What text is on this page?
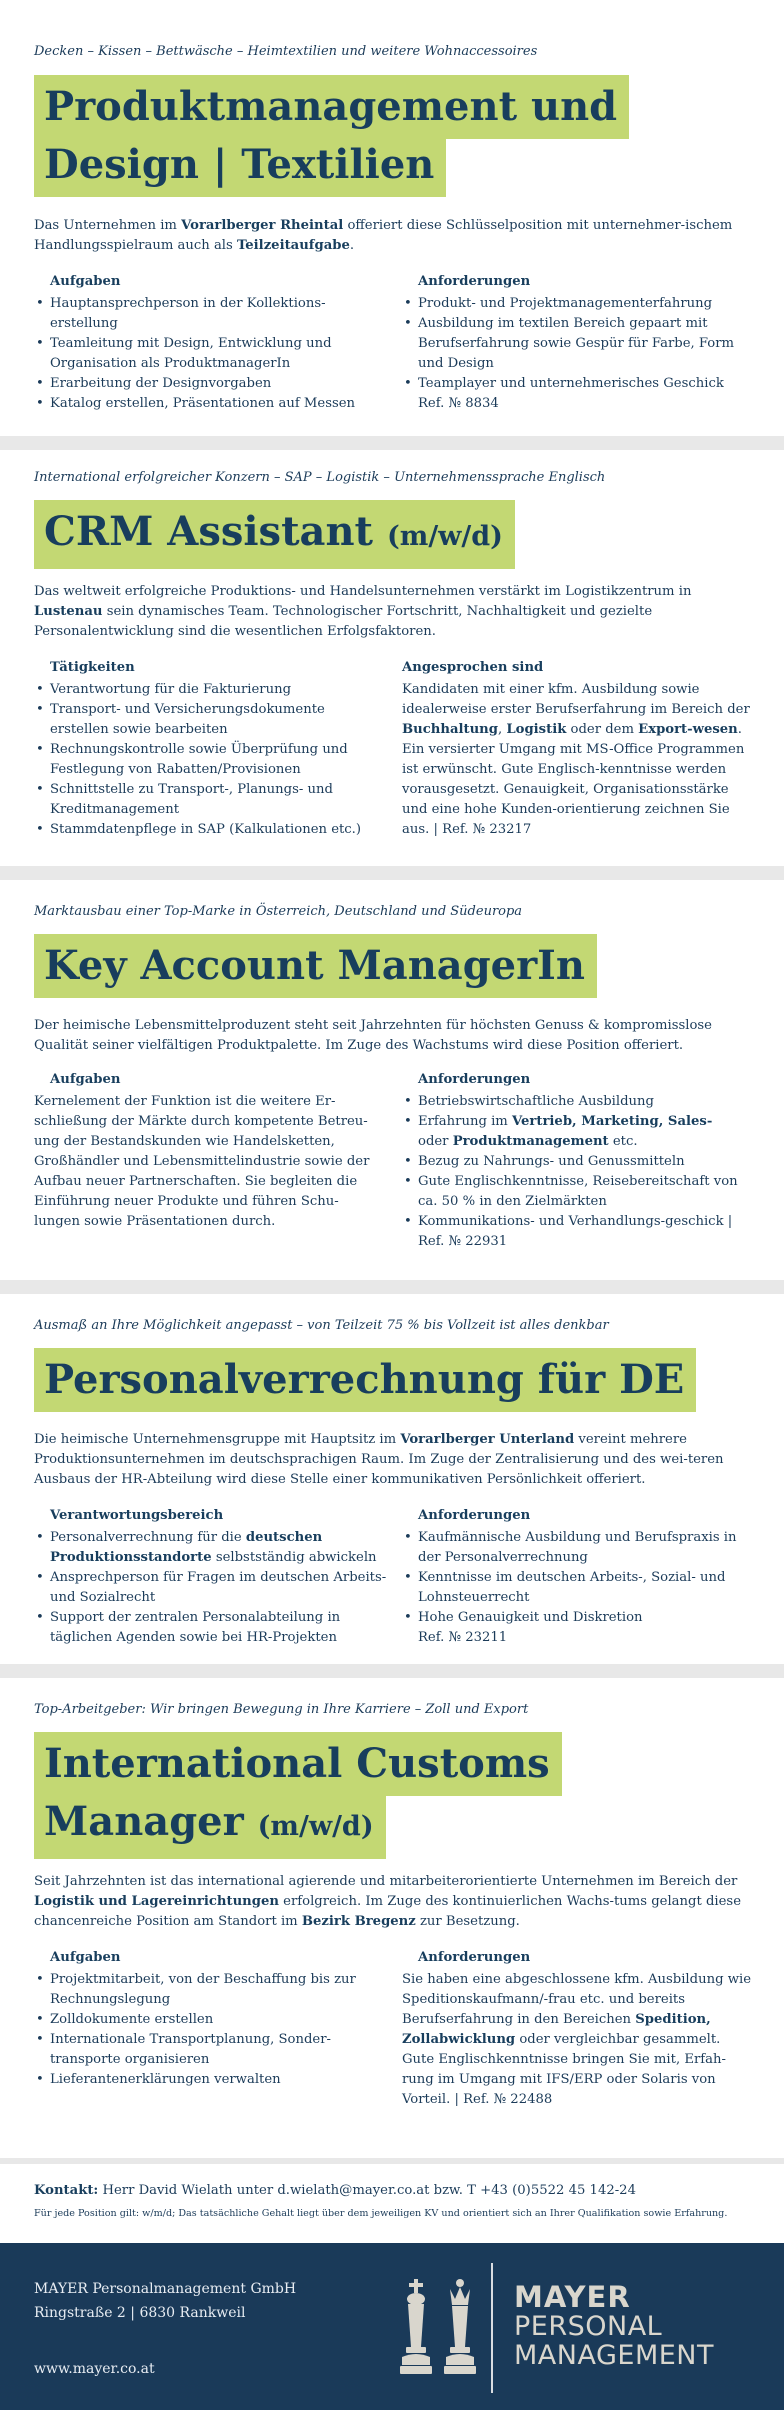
Decken – Kissen – Bettwäsche – Heimtextilien und weitere Wohnaccessoires
Produktmanagement und
Design | Textilien
Das Unternehmen im Vorarlberger Rheintal offeriert diese Schlüsselposition mit unternehmer-ischem Handlungsspielraum auch als Teilzeitaufgabe.
Aufgaben
• Hauptansprechperson in der Kollektions-erstellung
• Teamleitung mit Design, Entwicklung und Organisation als ProduktmanagerIn
• Erarbeitung der Designvorgaben
• Katalog erstellen, Präsentationen auf Messen
Anforderungen
• Produkt- und Projektmanagementerfahrung
• Ausbildung im textilen Bereich gepaart mit Berufserfahrung sowie Gespür für Farbe, Form und Design
• Teamplayer und unternehmerisches Geschick
Ref. № 8834
International erfolgreicher Konzern – SAP – Logistik – Unternehmenssprache Englisch
CRM Assistant (m/w/d)
Das weltweit erfolgreiche Produktions- und Handelsunternehmen verstärkt im Logistikzentrum in Lustenau sein dynamisches Team. Technologischer Fortschritt, Nachhaltigkeit und gezielte Personalentwicklung sind die wesentlichen Erfolgsfaktoren.
Tätigkeiten
• Verantwortung für die Fakturierung
• Transport- und Versicherungsdokumente erstellen sowie bearbeiten
• Rechnungskontrolle sowie Überprüfung und Festlegung von Rabatten/Provisionen
• Schnittstelle zu Transport-, Planungs- und Kreditmanagement
• Stammdatenpflege in SAP (Kalkulationen etc.)
Angesprochen sind
Kandidaten mit einer kfm. Ausbildung sowie idealerweise erster Berufserfahrung im Bereich der Buchhaltung, Logistik oder dem Export-wesen. Ein versierter Umgang mit MS-Office Programmen ist erwünscht. Gute Englisch-kenntnisse werden vorausgesetzt. Genauigkeit, Organisationsstärke und eine hohe Kunden-orientierung zeichnen Sie aus. | Ref. № 23217
Marktausbau einer Top-Marke in Österreich, Deutschland und Südeuropa
Key Account ManagerIn
Der heimische Lebensmittelproduzent steht seit Jahrzehnten für höchsten Genuss & kompromisslose Qualität seiner vielfältigen Produktpalette. Im Zuge des Wachstums wird diese Position offeriert.
Aufgaben
Kernelement der Funktion ist die weitere Er-schließung der Märkte durch kompetente Betreu-ung der Bestandskunden wie Handelsketten, Großhändler und Lebensmittelindustrie sowie der Aufbau neuer Partnerschaften. Sie begleiten die Einführung neuer Produkte und führen Schu-lungen sowie Präsentationen durch.
Anforderungen
• Betriebswirtschaftliche Ausbildung
• Erfahrung im Vertrieb, Marketing, Sales-
oder Produktmanagement etc.
• Bezug zu Nahrungs- und Genussmitteln
• Gute Englischkenntnisse, Reisebereitschaft von ca. 50 % in den Zielmärkten
• Kommunikations- und Verhandlungs-geschick | Ref. № 22931
Ausmaß an Ihre Möglichkeit angepasst – von Teilzeit 75 % bis Vollzeit ist alles denkbar
Personalverrechnung für DE
Die heimische Unternehmensgruppe mit Hauptsitz im Vorarlberger Unterland vereint mehrere Produktionsunternehmen im deutschsprachigen Raum. Im Zuge der Zentralisierung und des wei-teren Ausbaus der HR-Abteilung wird diese Stelle einer kommunikativen Persönlichkeit offeriert.
Verantwortungsbereich
• Personalverrechnung für die deutschen Produktionsstandorte selbstständig abwickeln
• Ansprechperson für Fragen im deutschen Arbeits- und Sozialrecht
• Support der zentralen Personalabteilung in täglichen Agenden sowie bei HR-Projekten
Anforderungen
• Kaufmännische Ausbildung und Berufspraxis in der Personalverrechnung
• Kenntnisse im deutschen Arbeits-, Sozial- und Lohnsteuerrecht
• Hohe Genauigkeit und Diskretion
Ref. № 23211
Top-Arbeitgeber: Wir bringen Bewegung in Ihre Karriere – Zoll und Export
International Customs
Manager (m/w/d)
Seit Jahrzehnten ist das international agierende und mitarbeiterorientierte Unternehmen im Bereich der Logistik und Lagereinrichtungen erfolgreich. Im Zuge des kontinuierlichen Wachs-tums gelangt diese chancenreiche Position am Standort im Bezirk Bregenz zur Besetzung.
Aufgaben
• Projektmitarbeit, von der Beschaffung bis zur Rechnungslegung
• Zolldokumente erstellen
• Internationale Transportplanung, Sonder-transporte organisieren
• Lieferantenerklärungen verwalten
Anforderungen
Sie haben eine abgeschlossene kfm. Ausbildung wie Speditionskaufmann/-frau etc. und bereits Berufserfahrung in den Bereichen Spedition, Zollabwicklung oder vergleichbar gesammelt. Gute Englischkenntnisse bringen Sie mit, Erfah-rung im Umgang mit IFS/ERP oder Solaris von Vorteil. | Ref. № 22488
Kontakt: Herr David Wielath unter d.wielath@mayer.co.at bzw. T +43 (0)5522 45 142-24
Für jede Position gilt: w/m/d; Das tatsächliche Gehalt liegt über dem jeweiligen KV und orientiert sich an Ihrer Qualifikation sowie Erfahrung.
MAYER Personalmanagement GmbH
Ringstraße 2 | 6830 Rankweil
www.mayer.co.at
MAYER
PERSONAL
MANAGEMENT
